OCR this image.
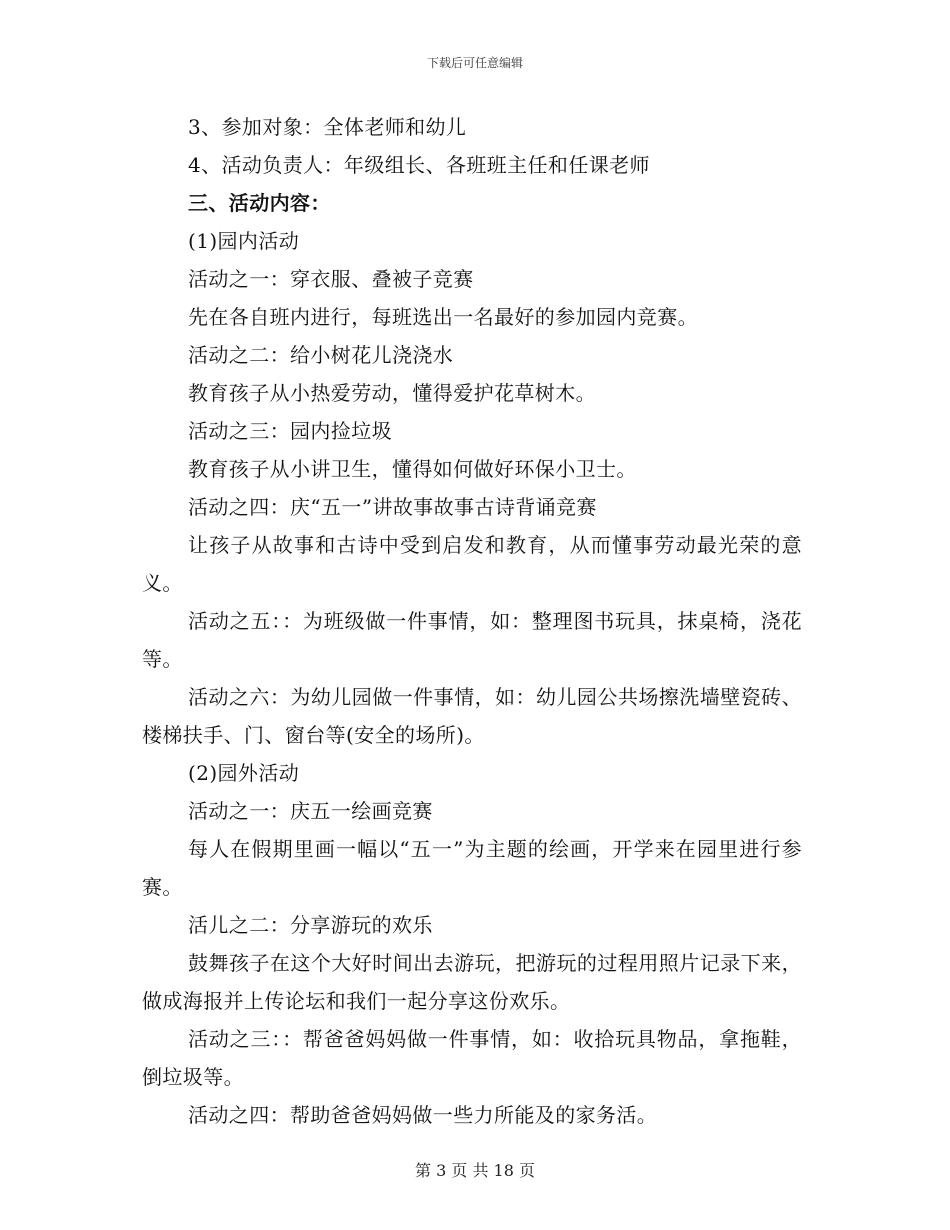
下载后可任意编辑

3、参加对象：全体老师和幼儿

4、活动负责人：年级组长、各班班主任和任课老师

三、活动内容：

(1)园内活动

活动之一：穿衣服、叠被子竞赛

先在各自班内进行，每班选出一名最好的参加园内竞赛。

活动之二：给小树花儿浇浇水

教育孩子从小热爱劳动，懂得爱护花草树木。

活动之三：园内捡垃圾

教育孩子从小讲卫生，懂得如何做好环保小卫士。

活动之四：庆“五一”讲故事故事古诗背诵竞赛

让孩子从故事和古诗中受到启发和教育，从而懂事劳动最光荣的意义。

活动之五：：为班级做一件事情，如：整理图书玩具，抹桌椅，浇花等。

活动之六：为幼儿园做一件事情，如：幼儿园公共场擦洗墙壁瓷砖、楼梯扶手、门、窗台等(安全的场所)。

(2)园外活动

活动之一：庆五一绘画竞赛

每人在假期里画一幅以“五一”为主题的绘画，开学来在园里进行参赛。

活儿之二：分享游玩的欢乐

鼓舞孩子在这个大好时间出去游玩，把游玩的过程用照片记录下来，做成海报并上传论坛和我们一起分享这份欢乐。

活动之三：：帮爸爸妈妈做一件事情，如：收拾玩具物品，拿拖鞋，倒垃圾等。

活动之四：帮助爸爸妈妈做一些力所能及的家务活。

第 3 页 共 18 页
